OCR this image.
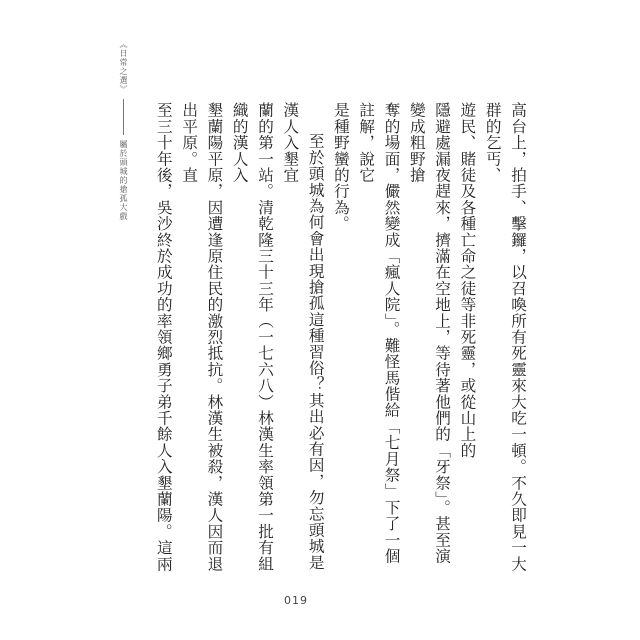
《日常之選》
屬於頭城的搶孤大戲	高台上，拍手、擊鑼，以召喚所有死靈來大吃一頓。不久即見一大群的乞丐、
遊民、賭徒及各種亡命之徒等非死靈，或從山上的
隱避處漏夜趕來，擠滿在空地上，等待著他們的「牙祭」。甚至演變成粗野搶
奪的場面，儼然變成「瘋人院」。難怪馬偕給「七月祭」下了一個註解，說它
是種野蠻的行為。

至於頭城為何會出現搶孤這種習俗？其出必有因，勿忘頭城是漢人入墾宜
蘭的第一站。清乾隆三十三年（一七六八）林漢生率領第一批有組織的漢人入
墾蘭陽平原，因遭逢原住民的激烈抵抗。林漢生被殺，漢人因而退出平原。直
至三十年後，吳沙終於成功的率領鄉勇子弟千餘人入墾蘭陽。這兩

019
